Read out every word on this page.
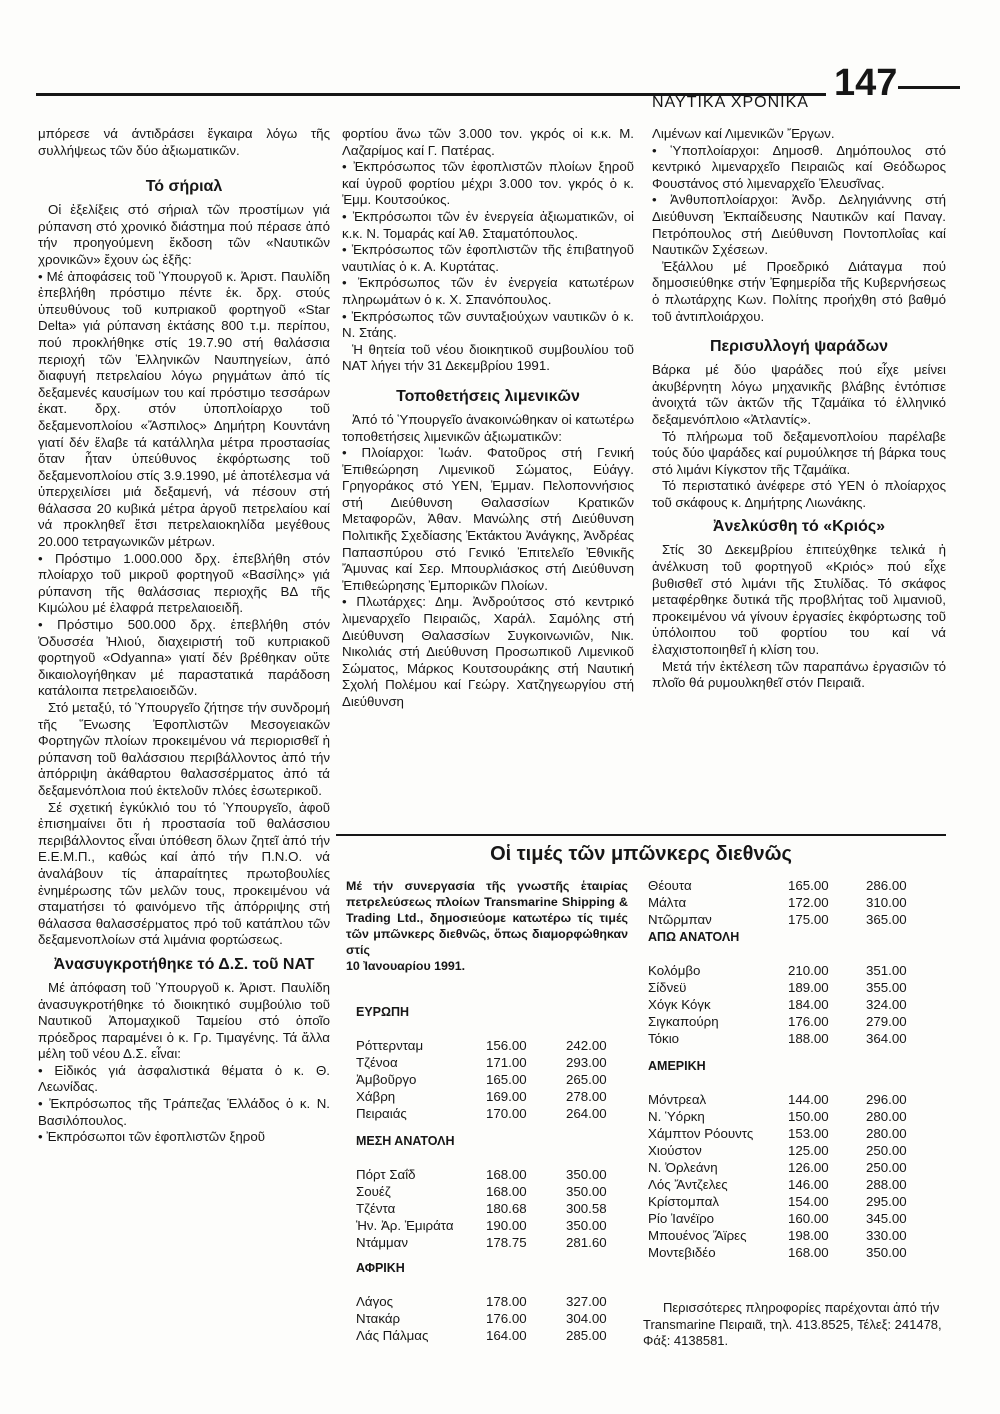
ΝΑΥΤΙΚΑ ΧΡΟΝΙΚΑ 147

μπόρεσε νά άντιδράσει ἔγκαιρα λόγω τῆς συλλήψεως τῶν δύο ἀξιωματικῶν.

Τό σήριαλ

Οἱ ἐξελίξεις στό σήριαλ τῶν προστίμων γιά ρύπανση στό χρονικό διάστημα πού πέρασε ἀπό τήν προηγούμενη ἔκδοση τῶν «Ναυτικῶν χρονικῶν» ἔχουν ὡς ἑξῆς:

• Μέ ἀποφάσεις τοῦ Ὑπουργοῦ κ. Ἀριστ. Παυλίδη ἐπεβλήθη πρόστιμο πέντε ἑκ. δρχ. στούς ὑπευθύνους τοῦ κυπριακοῦ φορτηγοῦ «Star Delta» γιά ρύπανση ἐκτάσης 800 τ.μ. περίπου, πού προκλήθηκε στίς 19.7.90 στή θαλάσσια περιοχή τῶν Ἑλληνικῶν Ναυπηγείων, ἀπό διαφυγή πετρελαίου λόγω ρηγμάτων ἀπό τίς δεξαμενές καυσίμων του καί πρόστιμο τεσσάρων ἑκατ. δρχ. στόν ὑποπλοίαρχο τοῦ δεξαμενοπλοίου «Ἄσπιλος» Δημήτρη Κουντάνη γιατί δέν ἔλαβε τά κατάλληλα μέτρα προστασίας ὅταν ἦταν ὑπεύθυνος ἐκφόρτωσης τοῦ δεξαμενοπλοίου στίς 3.9.1990, μέ ἀποτέλεσμα νά ὑπερχειλίσει μιά δεξαμενή, νά πέσουν στή θάλασσα 20 κυβικά μέτρα ἀργοῦ πετρελαίου καί νά προκληθεῖ ἔτσι πετρελαιοκηλίδα μεγέθους 20.000 τετραγωνικῶν μέτρων.

• Πρόστιμο 1.000.000 δρχ. ἐπεβλήθη στόν πλοίαρχο τοῦ μικροῦ φορτηγοῦ «Βασίλης» γιά ρύπανση τῆς θαλάσσιας περιοχῆς ΒΔ τῆς Κιμώλου μέ ἐλαφρά πετρελαιοειδῆ.

• Πρόστιμο 500.000 δρχ. ἐπεβλήθη στόν Ὀδυσσέα Ἠλιού, διαχειριστή τοῦ κυπριακοῦ φορτηγοῦ «Odyanna» γιατί δέν βρέθηκαν οὔτε δικαιολογήθηκαν μέ παραστατικά παράδοση κατάλοιπα πετρελαιοειδῶν.

Στό μεταξύ, τό Ὑπουργεῖο ζήτησε τήν συνδρομή τῆς Ἕνωσης Ἐφοπλιστῶν Μεσογειακῶν Φορτηγῶν πλοίων προκειμένου νά περιορισθεῖ ἡ ρύπανση τοῦ θαλάσσιου περιβάλλοντος ἀπό τήν ἀπόρριψη ἀκάθαρτου θαλασσέρματος ἀπό τά δεξαμενόπλοια πού ἐκτελοῦν πλόες ἐσωτερικοῦ.

Σέ σχετική ἐγκύκλιό του τό Ὑπουργεῖο, ἀφοῦ ἐπισημαίνει ὅτι ἡ προστασία τοῦ θαλάσσιου περιβάλλοντος εἶναι ὑπόθεση ὅλων ζητεῖ ἀπό τήν Ε.Ε.Μ.Π., καθώς καί ἀπό τήν Π.Ν.Ο. νά ἀναλάβουν τίς ἀπαραίτητες πρωτοβουλίες ἐνημέρωσης τῶν μελῶν τους, προκειμένου νά σταματήσει τό φαινόμενο τῆς ἀπόρριψης στή θάλασσα θαλασσέρματος πρό τοῦ κατάπλου τῶν δεξαμενοπλοίων στά λιμάνια φορτώσεως.

Ἀνασυγκροτήθηκε τό Δ.Σ. τοῦ ΝΑΤ

Μέ ἀπόφαση τοῦ Ὑπουργοῦ κ. Ἀριστ. Παυλίδη ἀνασυγκροτήθηκε τό διοικητικό συμβούλιο τοῦ Ναυτικοῦ Ἀπομαχικοῦ Ταμείου στό ὁποῖο πρόεδρος παραμένει ὁ κ. Γρ. Τιμαγένης. Τά ἄλλα μέλη τοῦ νέου Δ.Σ. εἶναι:

• Εἰδικός γιά ἀσφαλιστικά θέματα ὁ κ. Θ. Λεωνίδας.

• Ἐκπρόσωπος τῆς Τράπεζας Ἑλλάδος ὁ κ. Ν. Βασιλόπουλος.

• Ἐκπρόσωποι τῶν ἐφοπλιστῶν ξηροῦ

φορτίου ἄνω τῶν 3.000 τον. γκρός οἱ κ.κ. Μ. Λαζαρίμος καί Γ. Πατέρας.

• Ἐκπρόσωπος τῶν ἐφοπλιστῶν πλοίων ξηροῦ καί ὑγροῦ φορτίου μέχρι 3.000 τον. γκρός ὁ κ. Ἐμμ. Κουτσούκος.

• Ἐκπρόσωποι τῶν ἐν ἐνεργεία ἀξιωματικῶν, οἱ κ.κ. Ν. Τομαράς καί Ἀθ. Σταματόπουλος.

• Ἐκπρόσωπος τῶν ἐφοπλιστῶν τῆς ἐπιβατηγοῦ ναυτιλίας ὁ κ. Α. Κυρτάτας.

• Ἐκπρόσωπος τῶν ἐν ἐνεργεία κατωτέρων πληρωμάτων ὁ κ. Χ. Σπανόπουλος.

• Ἐκπρόσωπος τῶν συνταξιούχων ναυτικῶν ὁ κ. Ν. Στάης.

Ἡ θητεία τοῦ νέου διοικητικοῦ συμβουλίου τοῦ ΝΑΤ λήγει τήν 31 Δεκεμβρίου 1991.

Τοποθετήσεις λιμενικῶν

Ἀπό τό Ὑπουργεῖο ἀνακοινώθηκαν οἱ κατωτέρω τοποθετήσεις λιμενικῶν ἀξιωματικῶν:

• Πλοίαρχοι: Ἰωάν. Φατοῦρος στή Γενική Ἐπιθεώρηση Λιμενικοῦ Σώματος, Εὐάγγ. Γρηγοράκος στό ΥΕΝ, Ἐμμαν. Πελοποννήσιος στή Διεύθυνση Θαλασσίων Κρατικῶν Μεταφορῶν, Ἀθαν. Μανώλης στή Διεύθυνση Πολιτικῆς Σχεδίασης Ἐκτάκτου Ἀνάγκης, Ἀνδρέας Παπασπύρου στό Γενικό Ἐπιτελεῖο Ἐθνικῆς Ἄμυνας καί Σερ. Μπουρλιάσκος στή Διεύθυνση Ἐπιθεώρησης Ἐμπορικῶν Πλοίων.

• Πλωτάρχες: Δημ. Ἀνδρούτσος στό κεντρικό λιμεναρχεῖο Πειραιῶς, Χαράλ. Σαμόλης στή Διεύθυνση Θαλασσίων Συγκοινωνιῶν, Νικ. Νικολιάς στή Διεύθυνση Προσωπικοῦ Λιμενικοῦ Σώματος, Μάρκος Κουτσουράκης στή Ναυτική Σχολή Πολέμου καί Γεώργ. Χατζηγεωργίου στή Διεύθυνση

Λιμένων καί Λιμενικῶν Ἔργων.

• Ὑποπλοίαρχοι: Δημοσθ. Δημόπουλος στό κεντρικό λιμεναρχεῖο Πειραιῶς καί Θεόδωρος Φουστάνος στό λιμεναρχεῖο Ἐλευσῖνας.

• Ἀνθυποπλοίαρχοι: Ἀνδρ. Δεληγιάννης στή Διεύθυνση Ἐκπαίδευσης Ναυτικῶν καί Παναγ. Πετρόπουλος στή Διεύθυνση Ποντοπλοΐας καί Ναυτικῶν Σχέσεων.

Ἐξάλλου μέ Προεδρικό Διάταγμα πού δημοσιεύθηκε στήν Ἐφημερίδα τῆς Κυβερνήσεως ὁ πλωτάρχης Κων. Πολίτης προήχθη στό βαθμό τοῦ ἀντιπλοιάρχου.

Περισυλλογή ψαράδων

Βάρκα μέ δύο ψαράδες πού εἶχε μείνει ἀκυβέρνητη λόγω μηχανικῆς βλάβης ἐντόπισε ἀνοιχτά τῶν ἀκτῶν τῆς Τζαμάϊκα τό ἑλληνικό δεξαμενόπλοιο «Ἀτλαντίς».

Τό πλήρωμα τοῦ δεξαμενοπλοίου παρέλαβε τούς δύο ψαράδες καί ρυμούλκησε τή βάρκα τους στό λιμάνι Κίγκστον τῆς Τζαμάϊκα.

Τό περιστατικό ἀνέφερε στό ΥΕΝ ὁ πλοίαρχος τοῦ σκάφους κ. Δημήτρης Λιωνάκης.

Ἀνελκύσθη τό «Κριός»

Στίς 30 Δεκεμβρίου ἐπιτεύχθηκε τελικά ἡ ἀνέλκυση τοῦ φορτηγοῦ «Κριός» πού εἶχε βυθισθεῖ στό λιμάνι τῆς Στυλίδας. Τό σκάφος μεταφέρθηκε δυτικά τῆς προβλήτας τοῦ λιμανιοῦ, προκειμένου νά γίνουν ἐργασίες ἐκφόρτωσης τοῦ ὑπόλοιπου τοῦ φορτίου του καί νά ἐλαχιστοποιηθεῖ ἡ κλίση του.

Μετά τήν ἐκτέλεση τῶν παραπάνω ἐργασιῶν τό πλοῖο θά ρυμουλκηθεῖ στόν Πειραιᾶ.

Οἱ τιμές τῶν μπῶνκερς διεθνῶς

Μέ τήν συνεργασία τῆς γνωστῆς ἑταιρίας πετρελεύσεως πλοίων Transmarine Shipping & Trading Ltd., δημοσιεύομε κατωτέρω τίς τιμές τῶν μπῶνκερς διεθνῶς, ὅπως διαμορφώθηκαν στίς

10 Ἰανουαρίου 1991.

ΕΥΡΩΠΗ
Ρόττερνταμ	156.00	242.00
Τζένοα	171.00	293.00
Ἀμβοῦργο	165.00	265.00
Χάβρη	169.00	278.00
Πειραιάς	170.00	264.00
ΜΕΣΗ ΑΝΑΤΟΛΗ
Πόρτ Σαΐδ	168.00	350.00
Σουέζ	168.00	350.00
Τζέντα	180.68	300.58
Ἡν. Ἀρ. Ἐμιράτα 190.00	350.00
Ντάμμαν	178.75	281.60
ΑΦΡΙΚΗ
Λάγος	178.00	327.00
Ντακάρ	176.00	304.00
Λάς Πάλμας	164.00	285.00
Θέουτα	165.00	286.00
Μάλτα	172.00	310.00
Ντῶρμπαν	175.00	365.00
ΑΠΩ ΑΝΑΤΟΛΗ
Κολόμβο	210.00	351.00
Σίδνεϋ	189.00	355.00
Χόγκ Κόγκ	184.00	324.00
Σιγκαπούρη	176.00	279.00
Τόκιο	188.00	364.00
ΑΜΕΡΙΚΗ
Μόντρεαλ	144.00	296.00
Ν. Ὑόρκη	150.00	280.00
Χάμπτον Ρόουντς	153.00	280.00
Χιούστον	125.00	250.00
Ν. Ὀρλεάνη	126.00	250.00
Λός Ἄντζελες	146.00	288.00
Κρίστομπαλ	154.00	295.00
Ρίο Ἰανέϊρο	160.00	345.00
Μπουένος Ἄϊρες	198.00	330.00
Μοντεβιδέο	168.00	350.00

Περισσότερες πληροφορίες παρέχονται ἀπό τήν Transmarine Πειραιᾶ, τηλ. 413.8525, Τέλεξ: 241478, Φάξ: 4138581.
